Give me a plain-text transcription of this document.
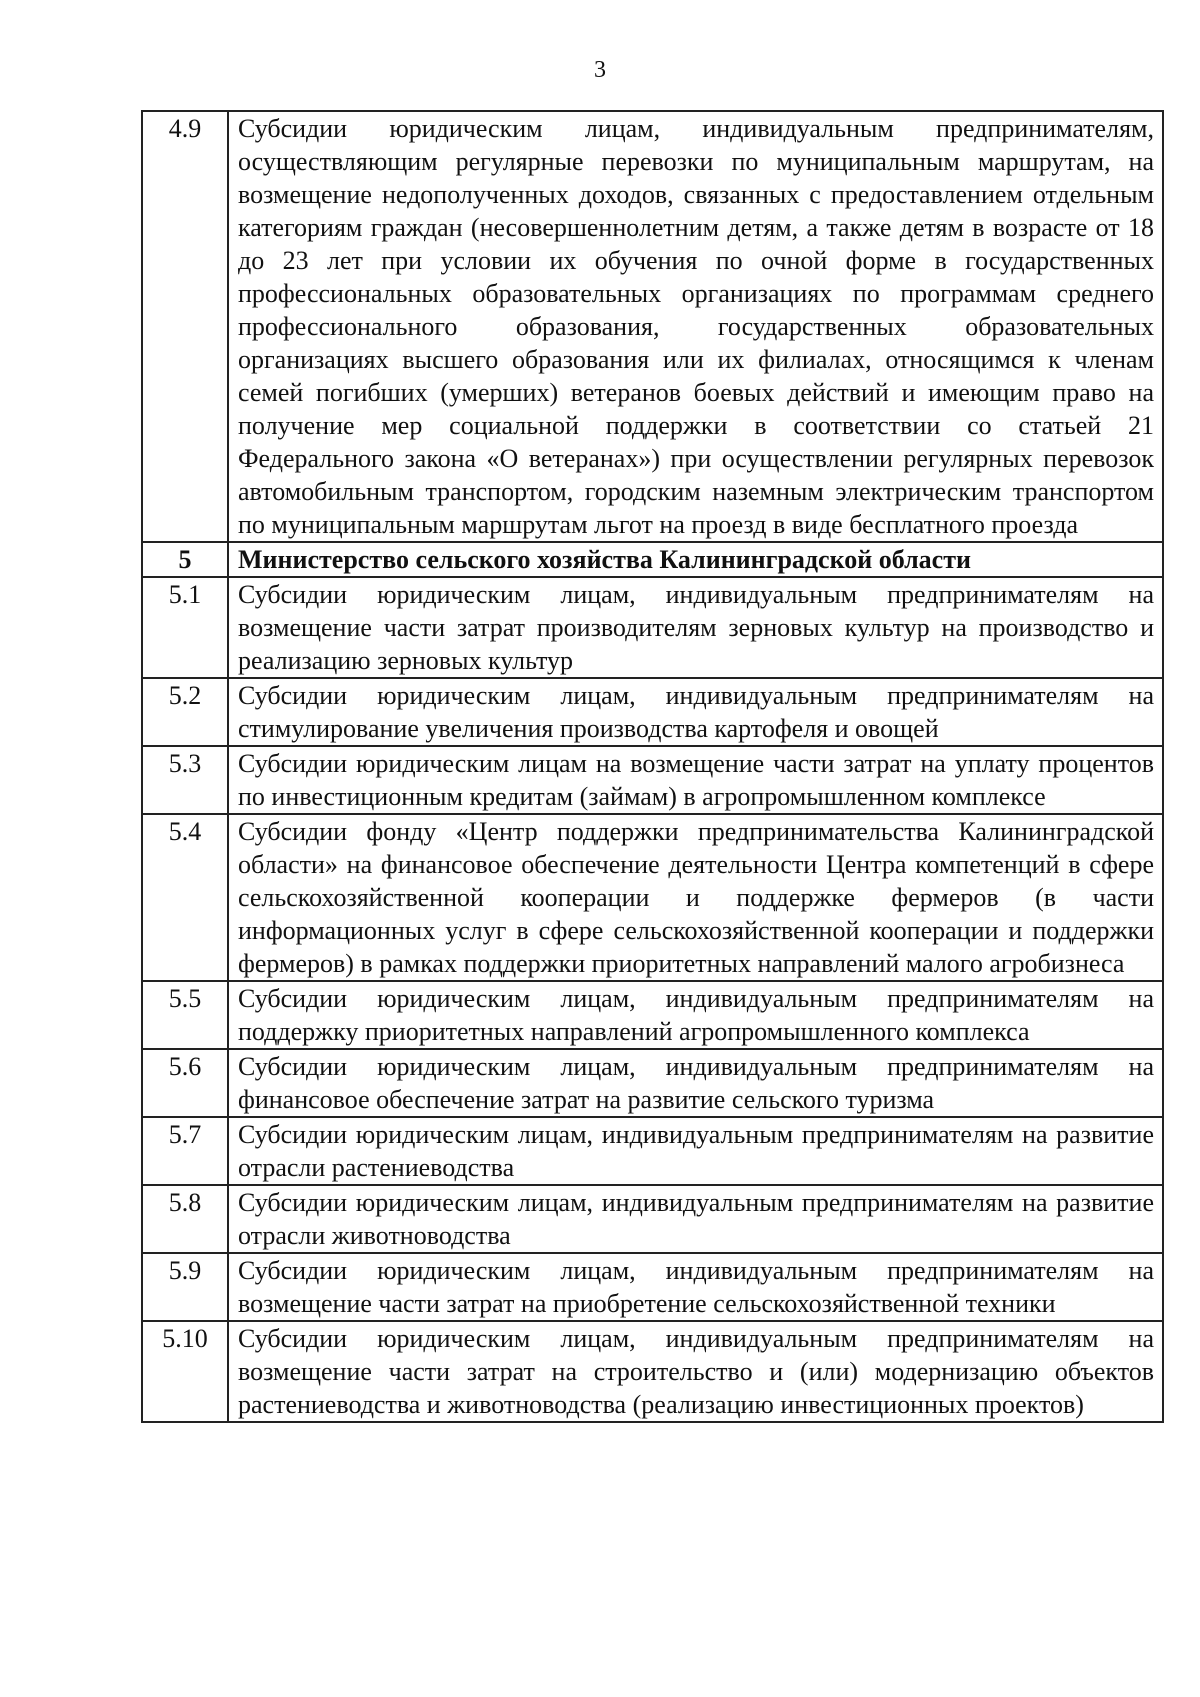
3
4.9	Субсидии юридическим лицам, индивидуальным предпринимателям, осуществляющим регулярные перевозки по муниципальным маршрутам, на возмещение недополученных доходов, связанных с предоставлением отдельным категориям граждан (несовершеннолетним детям, а также детям в возрасте от 18 до 23 лет при условии их обучения по очной форме в государственных профессиональных образовательных организациях по программам среднего профессионального образования, государственных образовательных организациях высшего образования или их филиалах, относящимся к членам семей погибших (умерших) ветеранов боевых действий и имеющим право на получение мер социальной поддержки в соответствии со статьей 21 Федерального закона «О ветеранах») при осуществлении регулярных перевозок автомобильным транспортом, городским наземным электрическим транспортом по муниципальным маршрутам льгот на проезд в виде бесплатного проезда
5	Министерство сельского хозяйства Калининградской области
5.1	Субсидии юридическим лицам, индивидуальным предпринимателям на возмещение части затрат производителям зерновых культур на производство и реализацию зерновых культур
5.2	Субсидии юридическим лицам, индивидуальным предпринимателям на стимулирование увеличения производства картофеля и овощей
5.3	Субсидии юридическим лицам на возмещение части затрат на уплату процентов по инвестиционным кредитам (займам) в агропромышленном комплексе
5.4	Субсидии фонду «Центр поддержки предпринимательства Калининградской области» на финансовое обеспечение деятельности Центра компетенций в сфере сельскохозяйственной кооперации и поддержке фермеров (в части информационных услуг в сфере сельскохозяйственной кооперации и поддержки фермеров) в рамках поддержки приоритетных направлений малого агробизнеса
5.5	Субсидии юридическим лицам, индивидуальным предпринимателям на поддержку приоритетных направлений агропромышленного комплекса
5.6	Субсидии юридическим лицам, индивидуальным предпринимателям на финансовое обеспечение затрат на развитие сельского туризма
5.7	Субсидии юридическим лицам, индивидуальным предпринимателям на развитие отрасли растениеводства
5.8	Субсидии юридическим лицам, индивидуальным предпринимателям на развитие отрасли животноводства
5.9	Субсидии юридическим лицам, индивидуальным предпринимателям на возмещение части затрат на приобретение сельскохозяйственной техники
5.10	Субсидии юридическим лицам, индивидуальным предпринимателям на возмещение части затрат на строительство и (или) модернизацию объектов растениеводства и животноводства (реализацию инвестиционных проектов)
